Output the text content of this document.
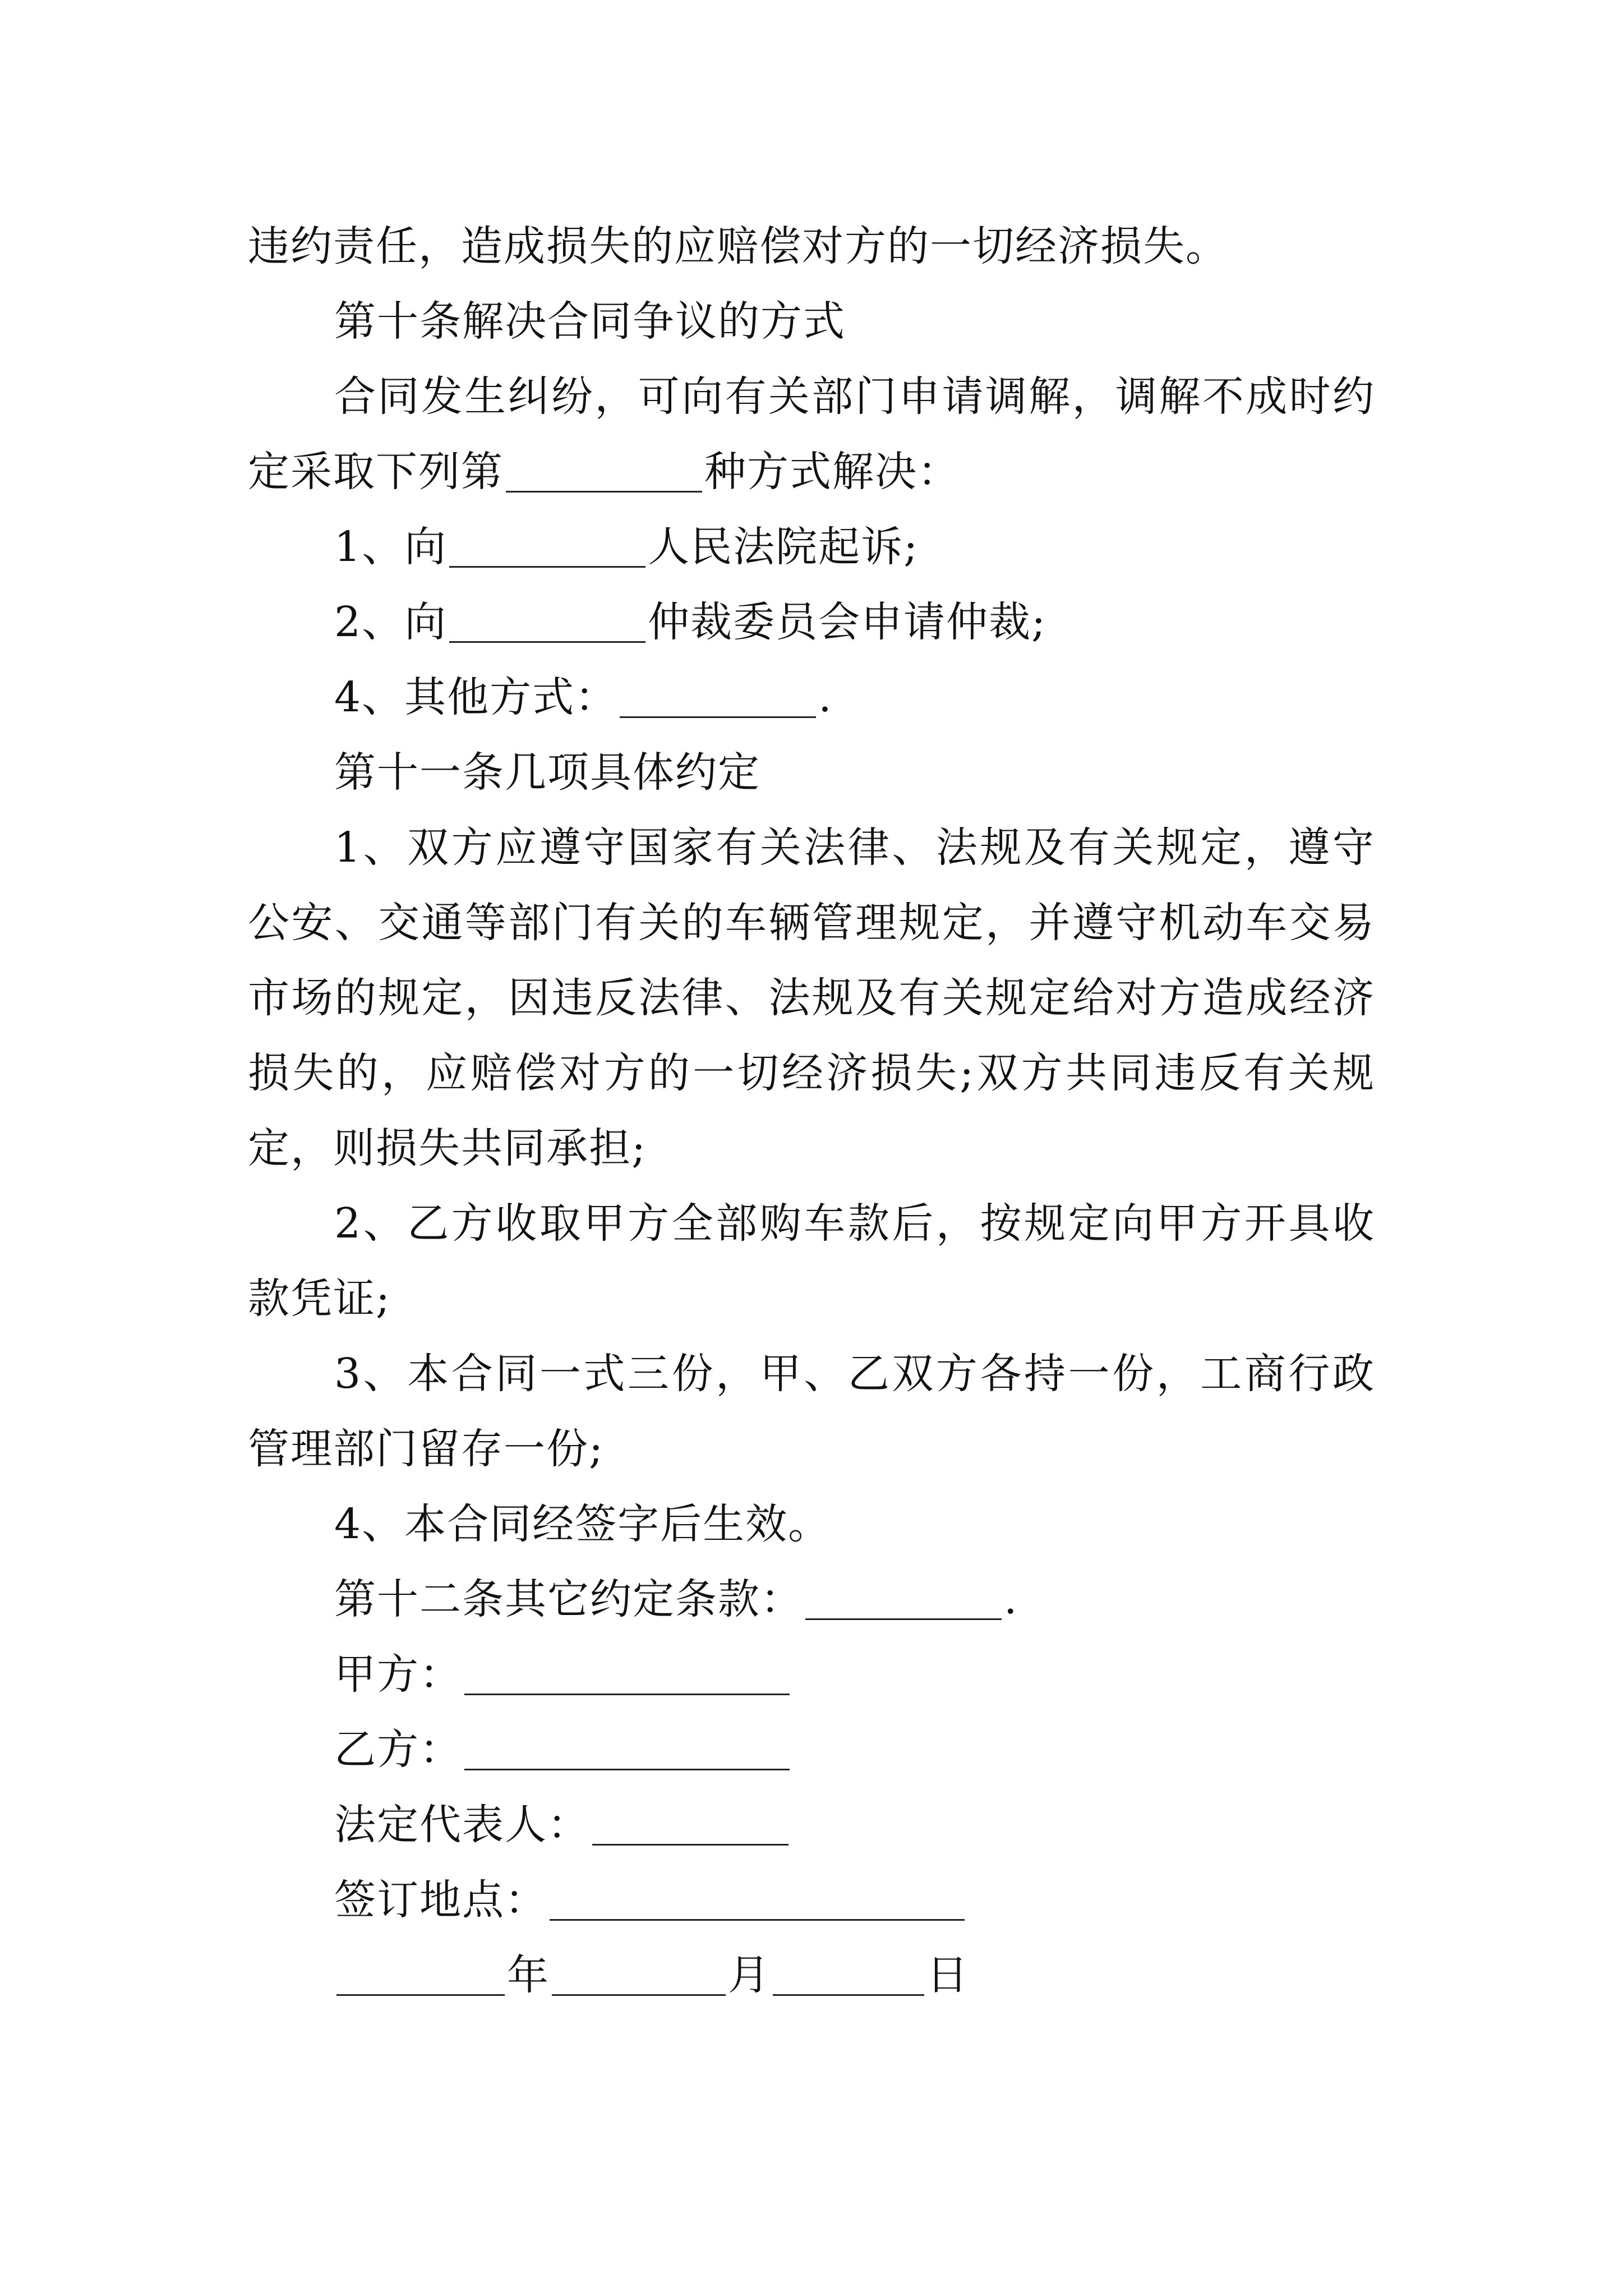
违约责任，造成损失的应赔偿对方的一切经济损失。

第十条解决合同争议的方式

合同发生纠纷，可向有关部门申请调解，调解不成时约定采取下列第	种方式解决：

1、向	人民法院起诉;

2、向	仲裁委员会申请仲裁;

4、其他方式：	.

第十一条几项具体约定

1、双方应遵守国家有关法律、法规及有关规定，遵守公安、交通等部门有关的车辆管理规定，并遵守机动车交易市场的规定，因违反法律、法规及有关规定给对方造成经济损失的，应赔偿对方的一切经济损失;双方共同违反有关规定，则损失共同承担;

2、乙方收取甲方全部购车款后，按规定向甲方开具收款凭证;

3、本合同一式三份，甲、乙双方各持一份，工商行政管理部门留存一份;

4、本合同经签字后生效。

第十二条其它约定条款：	.

甲方：

乙方：

法定代表人：

签订地点：

年	月	日
